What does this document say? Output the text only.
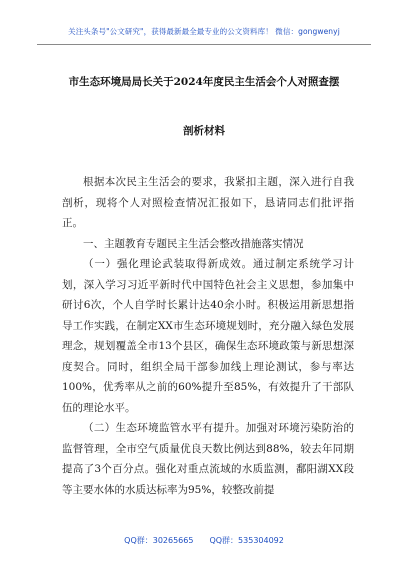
关注头条号"公文研究"，获得最新最全最专业的公文资料库！ 微信：gongwenyj
市生态环境局局长关于2024年度民主生活会个人对照查摆
剖析材料

根据本次民主生活会的要求，我紧扣主题，深入进行自我剖析，现将个人对照检查情况汇报如下，恳请同志们批评指正。

一、主题教育专题民主生活会整改措施落实情况

（一）强化理论武装取得新成效。通过制定系统学习计划，深入学习习近平新时代中国特色社会主义思想，参加集中研讨6次，个人自学时长累计达40余小时。积极运用新思想指导工作实践，在制定XX市生态环境规划时，充分融入绿色发展理念，规划覆盖全市13个县区，确保生态环境政策与新思想深度契合。同时，组织全局干部参加线上理论测试，参与率达100%，优秀率从之前的60%提升至85%，有效提升了干部队伍的理论水平。

（二）生态环境监管水平有提升。加强对环境污染防治的监督管理，全市空气质量优良天数比例达到88%，较去年同期提高了3个百分点。强化对重点流域的水质监测，鄱阳湖XX段等主要水体的水质达标率为95%，较整改前提

QQ群：30265665 QQ群：535304092
